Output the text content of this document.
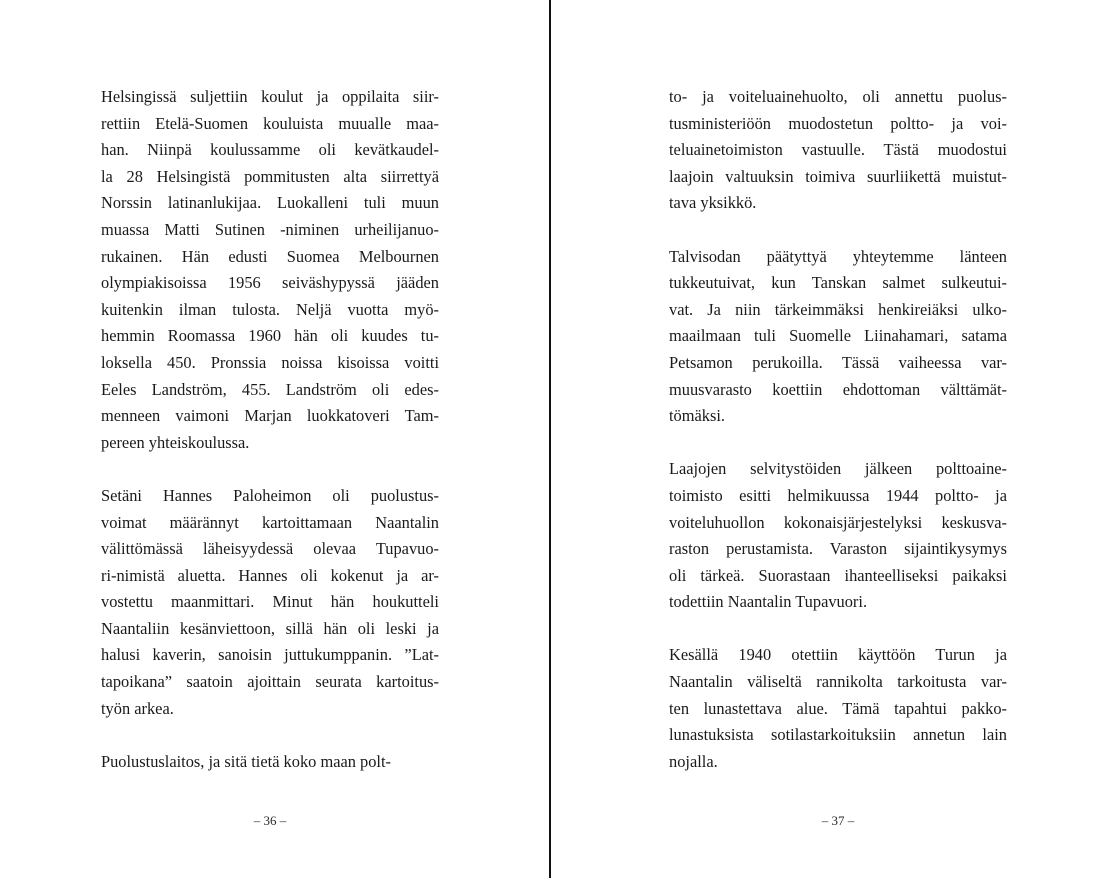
Helsingissä suljettiin koulut ja oppilaita siir-
rettiin Etelä-Suomen kouluista muualle maa-
han. Niinpä koulussamme oli kevätkaudel-
la 28 Helsingistä pommitusten alta siirrettyä
Norssin latinanlukijaa. Luokalleni tuli muun
muassa Matti Sutinen -niminen urheilijanuo-
rukainen. Hän edusti Suomea Melbournen
olympiakisoissa 1956 seiväshypyssä jääden
kuitenkin ilman tulosta. Neljä vuotta myö-
hemmin Roomassa 1960 hän oli kuudes tu-
loksella 450. Pronssia noissa kisoissa voitti
Eeles Landström, 455. Landström oli edes-
menneen vaimoni Marjan luokkatoveri Tam-
pereen yhteiskoulussa.

Setäni Hannes Paloheimon oli puolustus-
voimat määrännyt kartoittamaan Naantalin
välittömässä läheisyydessä olevaa Tupavuo-
ri-nimistä aluetta. Hannes oli kokenut ja ar-
vostettu maanmittari. Minut hän houkutteli
Naantaliin kesänviettoon, sillä hän oli leski ja
halusi kaverin, sanoisin juttukumppanin. ”Lat-
tapoikana” saatoin ajoittain seurata kartoitus-
työn arkea.

Puolustuslaitos, ja sitä tietä koko maan polt-

– 36 –

to- ja voiteluainehuolto, oli annettu puolus-
tusministeriöön muodostetun poltto- ja voi-
teluainetoimiston vastuulle. Tästä muodostui
laajoin valtuuksin toimiva suurliikettä muistut-
tava yksikkö.

Talvisodan päätyttyä yhteytemme länteen
tukkeutuivat, kun Tanskan salmet sulkeutui-
vat. Ja niin tärkeimmäksi henkireiäksi ulko-
maailmaan tuli Suomelle Liinahamari, satama
Petsamon perukoilla. Tässä vaiheessa var-
muusvarasto koettiin ehdottoman välttämät-
tömäksi.

Laajojen selvitystöiden jälkeen polttoaine-
toimisto esitti helmikuussa 1944 poltto- ja
voiteluhuollon kokonaisjärjestelyksi keskusva-
raston perustamista. Varaston sijaintikysymys
oli tärkeä. Suorastaan ihanteelliseksi paikaksi
todettiin Naantalin Tupavuori.

Kesällä 1940 otettiin käyttöön Turun ja
Naantalin väliseltä rannikolta tarkoitusta var-
ten lunastettava alue. Tämä tapahtui pakko-
lunastuksista sotilastarkoituksiin annetun lain
nojalla.

– 37 –
